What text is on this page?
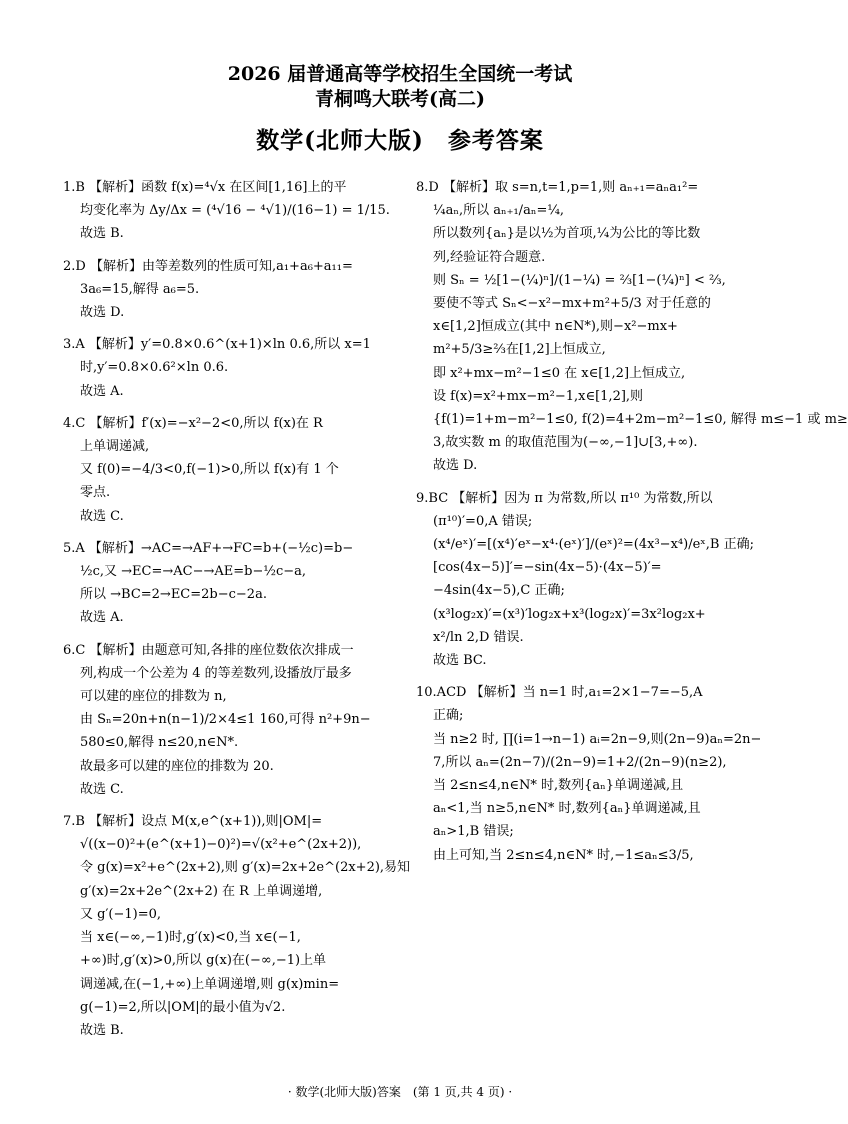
2026 届普通高等学校招生全国统一考试
青桐鸣大联考(高二)
数学(北师大版)　参考答案
1.B 【解析】函数 f(x)=⁴√x 在区间[1,16]上的平
均变化率为 Δy/Δx = (⁴√16 − ⁴√1)/(16−1) = 1/15.
故选 B.
2.D 【解析】由等差数列的性质可知,a₁+a₆+a₁₁=
3a₆=15,解得 a₆=5.
故选 D.
3.A 【解析】y′=0.8×0.6^(x+1)×ln 0.6,所以 x=1
时,y′=0.8×0.6²×ln 0.6.
故选 A.
4.C 【解析】f′(x)=−x²−2<0,所以 f(x)在 R
上单调递减,
又 f(0)=−4/3<0,f(−1)>0,所以 f(x)有 1 个
零点.
故选 C.
5.A 【解析】→AC=→AF+→FC=b+(−½c)=b−
½c,又 →EC=→AC−→AE=b−½c−a,
所以 →BC=2→EC=2b−c−2a.
故选 A.
6.C 【解析】由题意可知,各排的座位数依次排成一
列,构成一个公差为 4 的等差数列,设播放厅最多
可以建的座位的排数为 n,
由 Sₙ=20n+n(n−1)/2×4≤1 160,可得 n²+9n−
580≤0,解得 n≤20,n∈N*.
故最多可以建的座位的排数为 20.
故选 C.
7.B 【解析】设点 M(x,e^(x+1)),则|OM|=
√((x−0)²+(e^(x+1)−0)²)=√(x²+e^(2x+2)),
令 g(x)=x²+e^(2x+2),则 g′(x)=2x+2e^(2x+2),易知
g′(x)=2x+2e^(2x+2) 在 R 上单调递增,
又 g′(−1)=0,
当 x∈(−∞,−1)时,g′(x)<0,当 x∈(−1,
+∞)时,g′(x)>0,所以 g(x)在(−∞,−1)上单
调递减,在(−1,+∞)上单调递增,则 g(x)min=
g(−1)=2,所以|OM|的最小值为√2.
故选 B.
8.D 【解析】取 s=n,t=1,p=1,则 aₙ₊₁=aₙa₁²=
¼aₙ,所以 aₙ₊₁/aₙ=¼,
所以数列{aₙ}是以½为首项,¼为公比的等比数
列,经验证符合题意.
则 Sₙ = ½[1−(¼)ⁿ]/(1−¼) = ⅔[1−(¼)ⁿ] < ⅔,
要使不等式 Sₙ<−x²−mx+m²+5/3 对于任意的
x∈[1,2]恒成立(其中 n∈N*),则−x²−mx+
m²+5/3≥⅔在[1,2]上恒成立,
即 x²+mx−m²−1≤0 在 x∈[1,2]上恒成立,
设 f(x)=x²+mx−m²−1,x∈[1,2],则
{f(1)=1+m−m²−1≤0, f(2)=4+2m−m²−1≤0, 解得 m≤−1 或 m≥
3,故实数 m 的取值范围为(−∞,−1]∪[3,+∞).
故选 D.
9.BC 【解析】因为 π 为常数,所以 π¹⁰ 为常数,所以
(π¹⁰)′=0,A 错误;
(x⁴/eˣ)′=[(x⁴)′eˣ−x⁴·(eˣ)′]/(eˣ)²=(4x³−x⁴)/eˣ,B 正确;
[cos(4x−5)]′=−sin(4x−5)·(4x−5)′=
−4sin(4x−5),C 正确;
(x³log₂x)′=(x³)′log₂x+x³(log₂x)′=3x²log₂x+
x²/ln 2,D 错误.
故选 BC.
10.ACD 【解析】当 n=1 时,a₁=2×1−7=−5,A
正确;
当 n≥2 时, ∏(i=1→n−1) aᵢ=2n−9,则(2n−9)aₙ=2n−
7,所以 aₙ=(2n−7)/(2n−9)=1+2/(2n−9)(n≥2),
当 2≤n≤4,n∈N* 时,数列{aₙ}单调递减,且
aₙ<1,当 n≥5,n∈N* 时,数列{aₙ}单调递减,且
aₙ>1,B 错误;
由上可知,当 2≤n≤4,n∈N* 时,−1≤aₙ≤3/5,
· 数学(北师大版)答案　(第 1 页,共 4 页) ·
